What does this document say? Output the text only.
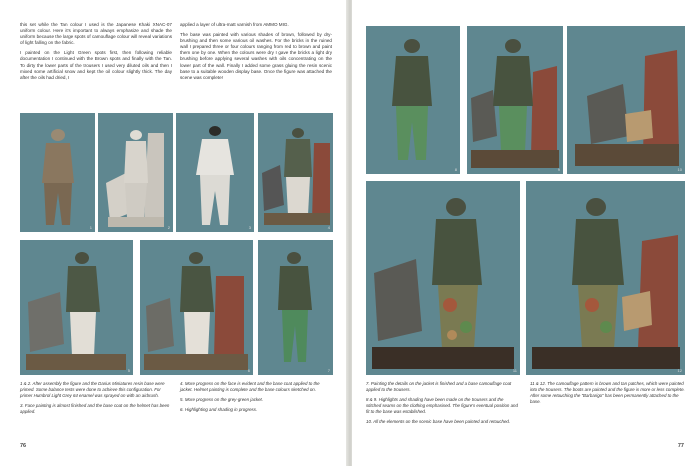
this set while the Tan colour I used is the Japanese Khaki XNAC-07 uniform colour. Here it's important to always emphasize and shade the uniform because the large spots of camouflage colour will reveal variations of light falling on the fabric.

I painted on the Light Green spots first, then following reliable documentation I continued with the Brown spots and finally with the Tan. To dirty the lower parts of the trousers I used very diluted oils and then I mixed some artificial snow and kept the oil colour slightly thick. The day after the oils had dried, I

applied a layer of ultra-matt varnish from AMMO MIG.

The base was painted with various shades of brown, followed by dry-brushing and then some various oil washes. For the bricks in the ruined wall I prepared three or four colours ranging from red to brown and paint them one by one. When the colours were dry I gave the bricks a light dry brushing before applying several washes with oils concentrating on the lower part of the wall. Finally I added some grass gluing the resin scenic base to a suitable wooden display base. Once the figure was attached the scene was complete!

1	2	3	4
5	6	7

1 & 2. After assembly the figure and the Darius Miniatures resin base were primed. Some balance tests were done to achieve this configuration. For primer Humbrol Light Grey 64 enamel was sprayed on with an airbrush.

3. Face painting is almost finished and the base coat on the helmet has been applied.

4. More progress on the face is evident and the base coat applied to the jacket. Helmet painting is complete and the base colours sketched on.

5. More progress on the grey-green jacket.

6. Highlighting and shading in progress.

76
8	9	10
11	12

7. Painting the details on the jacket is finished and a base camouflage coat applied to the trousers.

8 & 9. Highlights and shading have been made on the trousers and the stitched seams on the clothing emphasised. The figure's eventual position and fit to the base was established.

10. All the elements on the scenic base have been painted and retouched.

11 & 12. The camouflage pattern is brown and tan patches, which were painted into the trousers. The boots are painted and the figure is more or less complete. After some retouching the "Barbarigo" has been permanently attached to the base.

77
